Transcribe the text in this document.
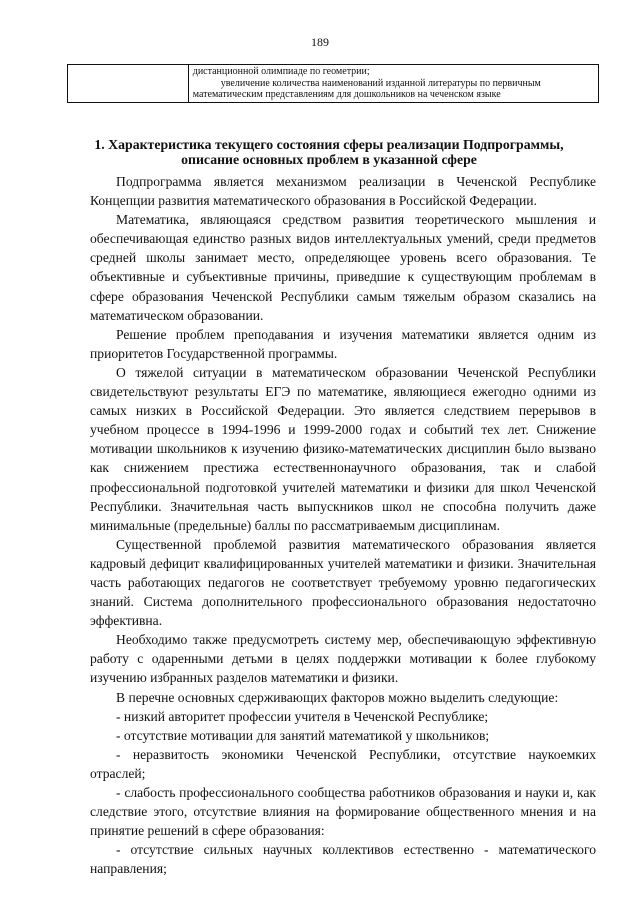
189

дистанционной олимпиаде по геометрии;
увеличение количества наименований изданной литературы по первичным математическим представлениям для дошкольников на чеченском языке
1. Характеристика текущего состояния сферы реализации Подпрограммы, описание основных проблем в указанной сфере

Подпрограмма является механизмом реализации в Чеченской Республике Концепции развития математического образования в Российской Федерации.

Математика, являющаяся средством развития теоретического мышления и обеспечивающая единство разных видов интеллектуальных умений, среди предметов средней школы занимает место, определяющее уровень всего образования. Те объективные и субъективные причины, приведшие к существующим проблемам в сфере образования Чеченской Республики самым тяжелым образом сказались на математическом образовании.

Решение проблем преподавания и изучения математики является одним из приоритетов Государственной программы.

О тяжелой ситуации в математическом образовании Чеченской Республики свидетельствуют результаты ЕГЭ по математике, являющиеся ежегодно одними из самых низких в Российской Федерации. Это является следствием перерывов в учебном процессе в 1994-1996 и 1999-2000 годах и событий тех лет. Снижение мотивации школьников к изучению физико-математических дисциплин было вызвано как снижением престижа естественнонаучного образования, так и слабой профессиональной подготовкой учителей математики и физики для школ Чеченской Республики. Значительная часть выпускников школ не способна получить даже минимальные (предельные) баллы по рассматриваемым дисциплинам.

Существенной проблемой развития математического образования является кадровый дефицит квалифицированных учителей математики и физики. Значительная часть работающих педагогов не соответствует требуемому уровню педагогических знаний. Система дополнительного профессионального образования недостаточно эффективна.

Необходимо также предусмотреть систему мер, обеспечивающую эффективную работу с одаренными детьми в целях поддержки мотивации к более глубокому изучению избранных разделов математики и физики.

В перечне основных сдерживающих факторов можно выделить следующие:

- низкий авторитет профессии учителя в Чеченской Республике;

- отсутствие мотивации для занятий математикой у школьников;

- неразвитость экономики Чеченской Республики, отсутствие наукоемких отраслей;

- слабость профессионального сообщества работников образования и науки и, как следствие этого, отсутствие влияния на формирование общественного мнения и на принятие решений в сфере образования:

- отсутствие сильных научных коллективов естественно - математического направления;
